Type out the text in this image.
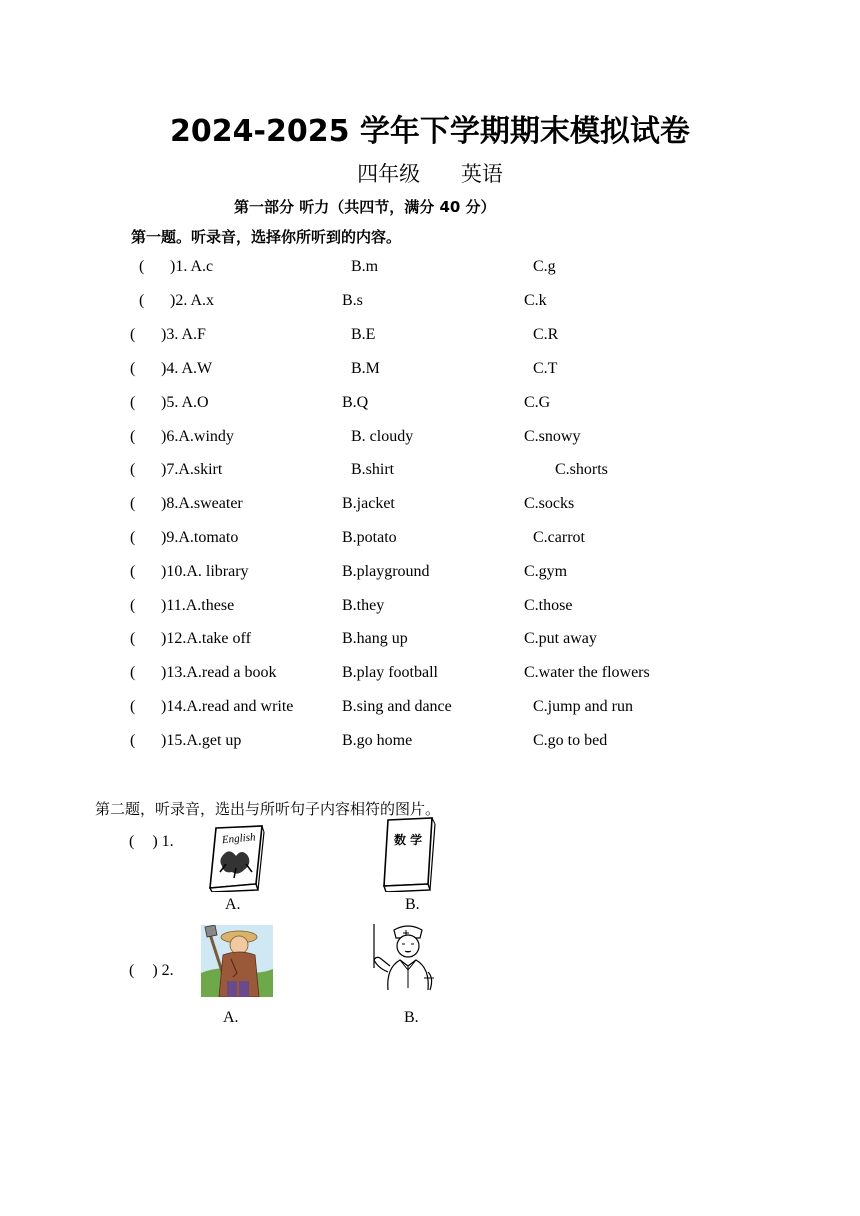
2024-2025 学年下学期期末模拟试卷
四年级 英语
第一部分 听力（共四节，满分 40 分）
第一题。听录音，选择你所听到的内容。
( )1. A.c	B.m	C.g
( )2. A.x	B.s	C.k
( )3. A.F	B.E	C.R
( )4. A.W	B.M	C.T
( )5. A.O	B.Q	C.G
( )6.A.windy	B. cloudy	C.snowy
( )7.A.skirt	B.shirt	C.shorts
( )8.A.sweater	B.jacket	C.socks
( )9.A.tomato	B.potato	C.carrot
( )10.A. library	B.playground	C.gym
( )11.A.these	B.they	C.those
( )12.A.take off	B.hang up	C.put away
( )13.A.read a book	B.play football	C.water the flowers
( )14.A.read and write	B.sing and dance	C.jump and run
( )15.A.get up	B.go home	C.go to bed
第二题，听录音，选出与所听句子内容相符的图片。
( ) 1.	English	数 学
A.	B.
( ) 2.
A.	B.
